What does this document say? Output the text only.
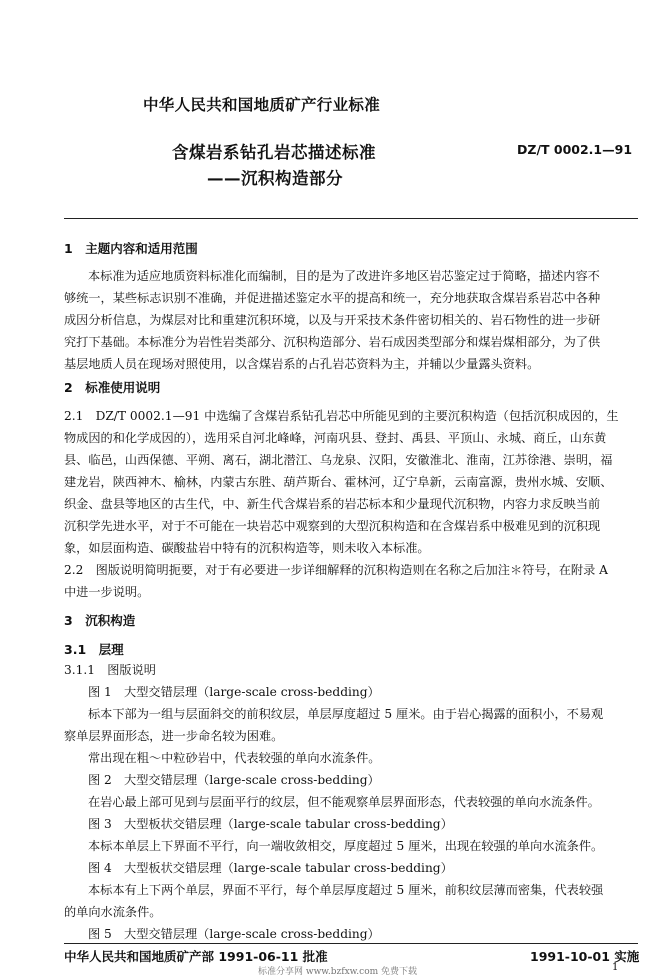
中华人民共和国地质矿产行业标准
含煤岩系钻孔岩芯描述标准
——沉积构造部分
DZ/T 0002.1—91
1　主题内容和适用范围
本标准为适应地质资料标准化而编制，目的是为了改进许多地区岩芯鉴定过于简略，描述内容不
够统一，某些标志识别不准确，并促进描述鉴定水平的提高和统一，充分地获取含煤岩系岩芯中各种
成因分析信息，为煤层对比和重建沉积环境，以及与开采技术条件密切相关的、岩石物性的进一步研
究打下基础。本标准分为岩性岩类部分、沉积构造部分、岩石成因类型部分和煤岩煤相部分，为了供
基层地质人员在现场对照使用，以含煤岩系的占孔岩芯资料为主，并辅以少量露头资料。
2　标准使用说明
2.1　DZ/T 0002.1—91 中选编了含煤岩系钻孔岩芯中所能见到的主要沉积构造（包括沉积成因的，生
物成因的和化学成因的），选用采自河北峰峰，河南巩县、登封、禹县、平顶山、永城、商丘，山东黄
县、临邑，山西保德、平朔、离石，湖北潜江、乌龙泉、汉阳，安徽淮北、淮南，江苏徐港、崇明，福
建龙岩，陕西神木、榆林，内蒙古东胜、葫芦斯台、霍林河，辽宁阜新，云南富源，贵州水城、安顺、
织金、盘县等地区的古生代，中、新生代含煤岩系的岩芯标本和少量现代沉积物，内容力求反映当前
沉积学先进水平，对于不可能在一块岩芯中观察到的大型沉积构造和在含煤岩系中极难见到的沉积现
象，如层面构造、碳酸盐岩中特有的沉积构造等，则未收入本标准。
2.2　图版说明简明扼要，对于有必要进一步详细解释的沉积构造则在名称之后加注＊符号，在附录 A
中进一步说明。
3　沉积构造
3.1　层理
3.1.1　图版说明
图 1　大型交错层理（large-scale cross-bedding）
标本下部为一组与层面斜交的前积纹层，单层厚度超过 5 厘米。由于岩心揭露的面积小，不易观
察单层界面形态，进一步命名较为困难。
常出现在粗～中粒砂岩中，代表较强的单向水流条件。
图 2　大型交错层理（large-scale cross-bedding）
在岩心最上部可见到与层面平行的纹层，但不能观察单层界面形态，代表较强的单向水流条件。
图 3　大型板状交错层理（large-scale tabular cross-bedding）
本标本单层上下界面不平行，向一端收敛相交，厚度超过 5 厘米，出现在较强的单向水流条件。
图 4　大型板状交错层理（large-scale tabular cross-bedding）
本标本有上下两个单层，界面不平行，每个单层厚度超过 5 厘米，前积纹层薄而密集，代表较强
的单向水流条件。
图 5　大型交错层理（large-scale cross-bedding）
中华人民共和国地质矿产部 1991-06-11 批准	1991-10-01 实施
1
标准分享网 www.bzfxw.com 免费下载
